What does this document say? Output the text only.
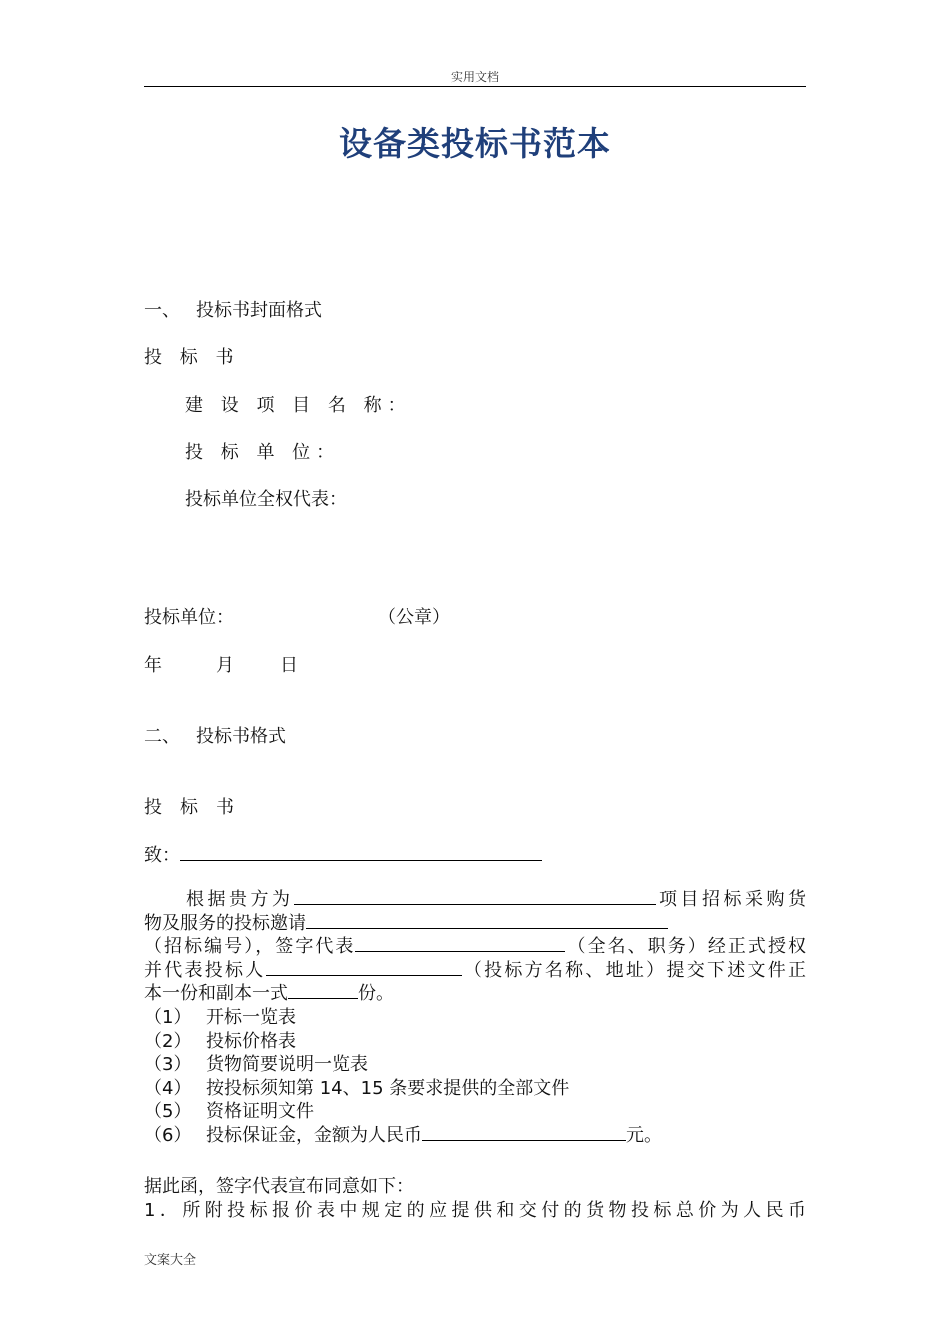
实用文档
设备类投标书范本
一、 投标书封面格式
投 标 书
建 设 项 目 名 称：
投 标 单 位：
投标单位全权代表：
投标单位：	（公章）
年	月	日
二、 投标书格式
投　标　书
致：
根据贵方为	项目招标采购货
物及服务的投标邀请
（招标编号），签字代表	（全名、职务）经正式授权
并代表投标人	（投标方名称、地址）提交下述文件正
本一份和副本一式	份。
（1） 开标一览表
（2） 投标价格表
（3） 货物简要说明一览表
（4） 按投标须知第 14、15 条要求提供的全部文件
（5） 资格证明文件
（6） 投标保证金，金额为人民币	元。
据此函，签字代表宣布同意如下：
1．所附投标报价表中规定的应提供和交付的货物投标总价为人民币
文案大全
